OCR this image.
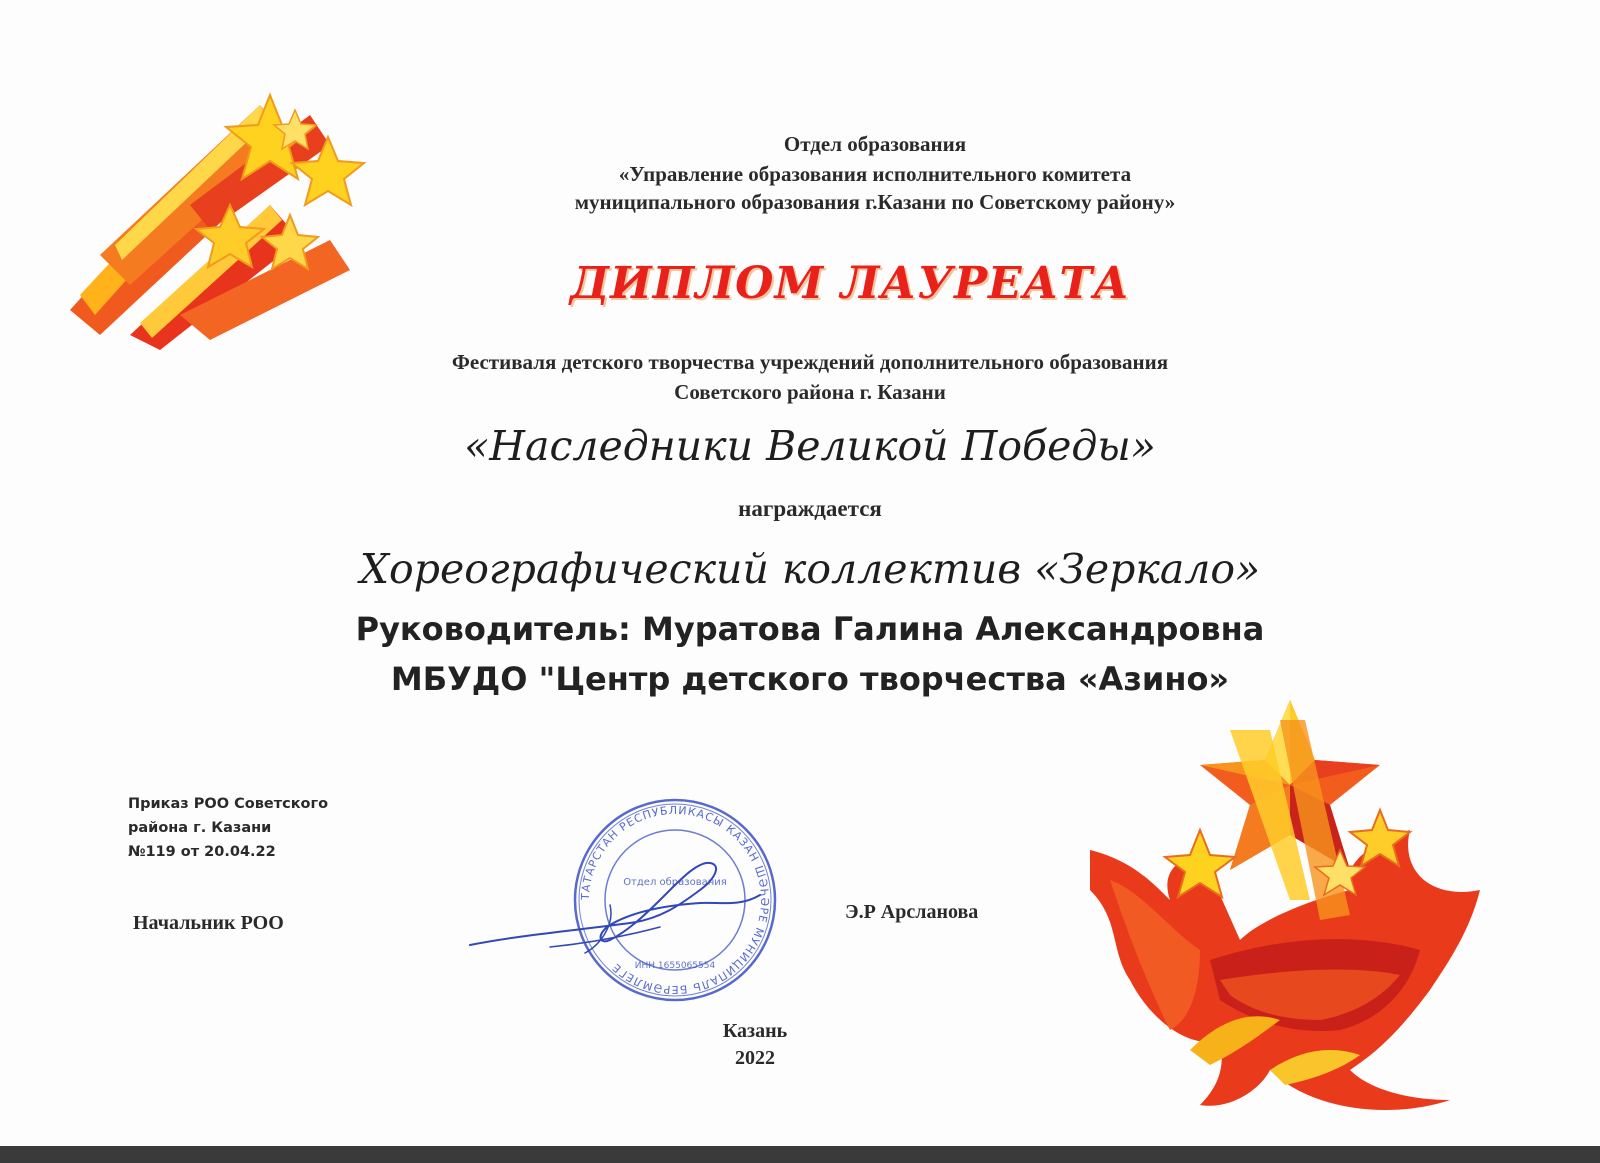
Отдел образования
«Управление образования исполнительного комитета
муниципального образования г.Казани по Советскому району»
ДИПЛОМ ЛАУРЕАТА
Фестиваля детского творчества учреждений дополнительного образования
Советского района г. Казани
«Наследники Великой Победы»
награждается
Хореографический коллектив «Зеркало»
Руководитель: Муратова Галина Александровна
МБУДО "Центр детского творчества «Азино»
Приказ РОО Советского
района г. Казани
№119 от 20.04.22
Начальник РОО	Э.Р Арсланова
ТАТАРСТАН РЕСПУБЛИКАСЫ КАЗАН ШӘҺӘРЕ МУНИЦИПАЛЬ БЕРӘМЛЕГЕ
Отдел образования
ИНН 1655065554
Казань
2022
